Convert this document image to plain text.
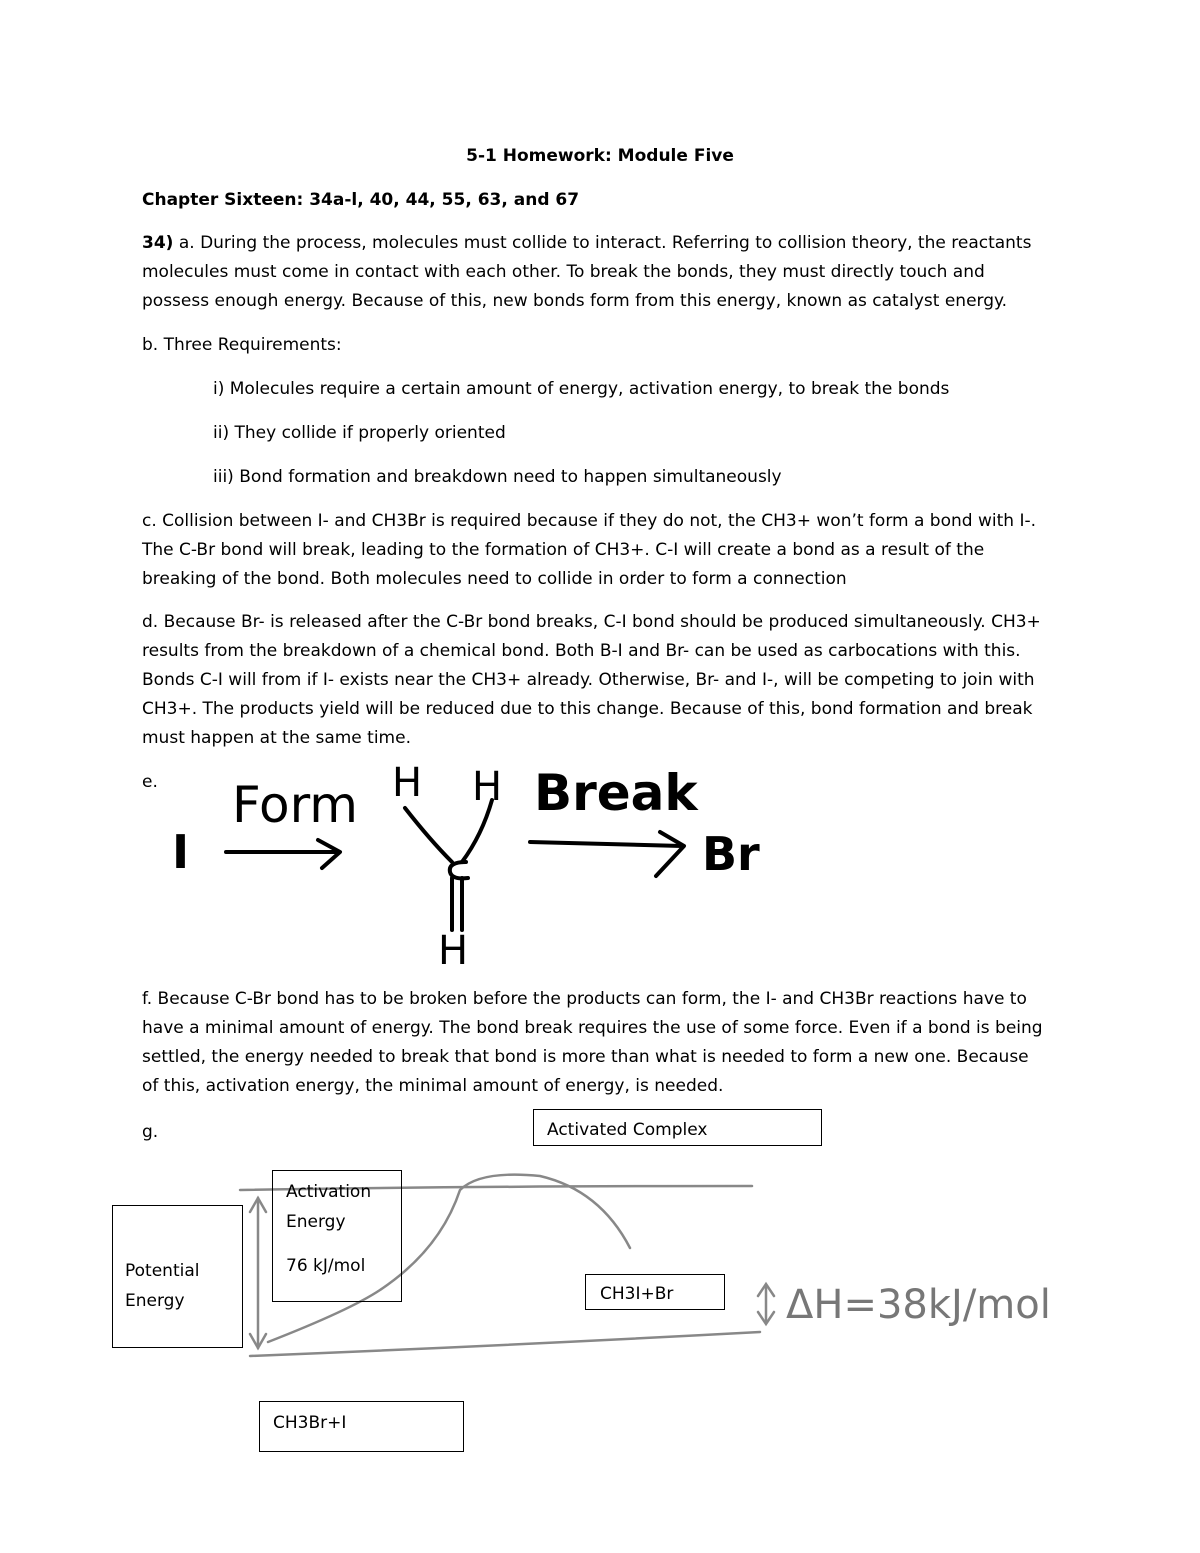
5-1 Homework: Module Five
Chapter Sixteen: 34a-l, 40, 44, 55, 63, and 67
34) a. During the process, molecules must collide to interact. Referring to collision theory, the reactants
molecules must come in contact with each other. To break the bonds, they must directly touch and
possess enough energy. Because of this, new bonds form from this energy, known as catalyst energy.
b. Three Requirements:
i) Molecules require a certain amount of energy, activation energy, to break the bonds
ii) They collide if properly oriented
iii) Bond formation and breakdown need to happen simultaneously
c. Collision between I- and CH3Br is required because if they do not, the CH3+ won’t form a bond with I-.
The C-Br bond will break, leading to the formation of CH3+. C-I will create a bond as a result of the
breaking of the bond. Both molecules need to collide in order to form a connection
d. Because Br- is released after the C-Br bond breaks, C-I bond should be produced simultaneously. CH3+
results from the breakdown of a chemical bond. Both B-I and Br- can be used as carbocations with this.
Bonds C-I will from if I- exists near the CH3+ already. Otherwise, Br- and I-, will be competing to join with
CH3+. The products yield will be reduced due to this change. Because of this, bond formation and break
must happen at the same time.
e. Form	Break
I	Br
H H
H
C
f. Because C-Br bond has to be broken before the products can form, the I- and CH3Br reactions have to
have a minimal amount of energy. The bond break requires the use of some force. Even if a bond is being
settled, the energy needed to break that bond is more than what is needed to form a new one. Because
of this, activation energy, the minimal amount of energy, is needed.
g.
ΔH=38kJ/mol
Activated Complex
Activation
Energy
76 kJ/mol
Potential
Energy	CH3I+Br
CH3Br+I
